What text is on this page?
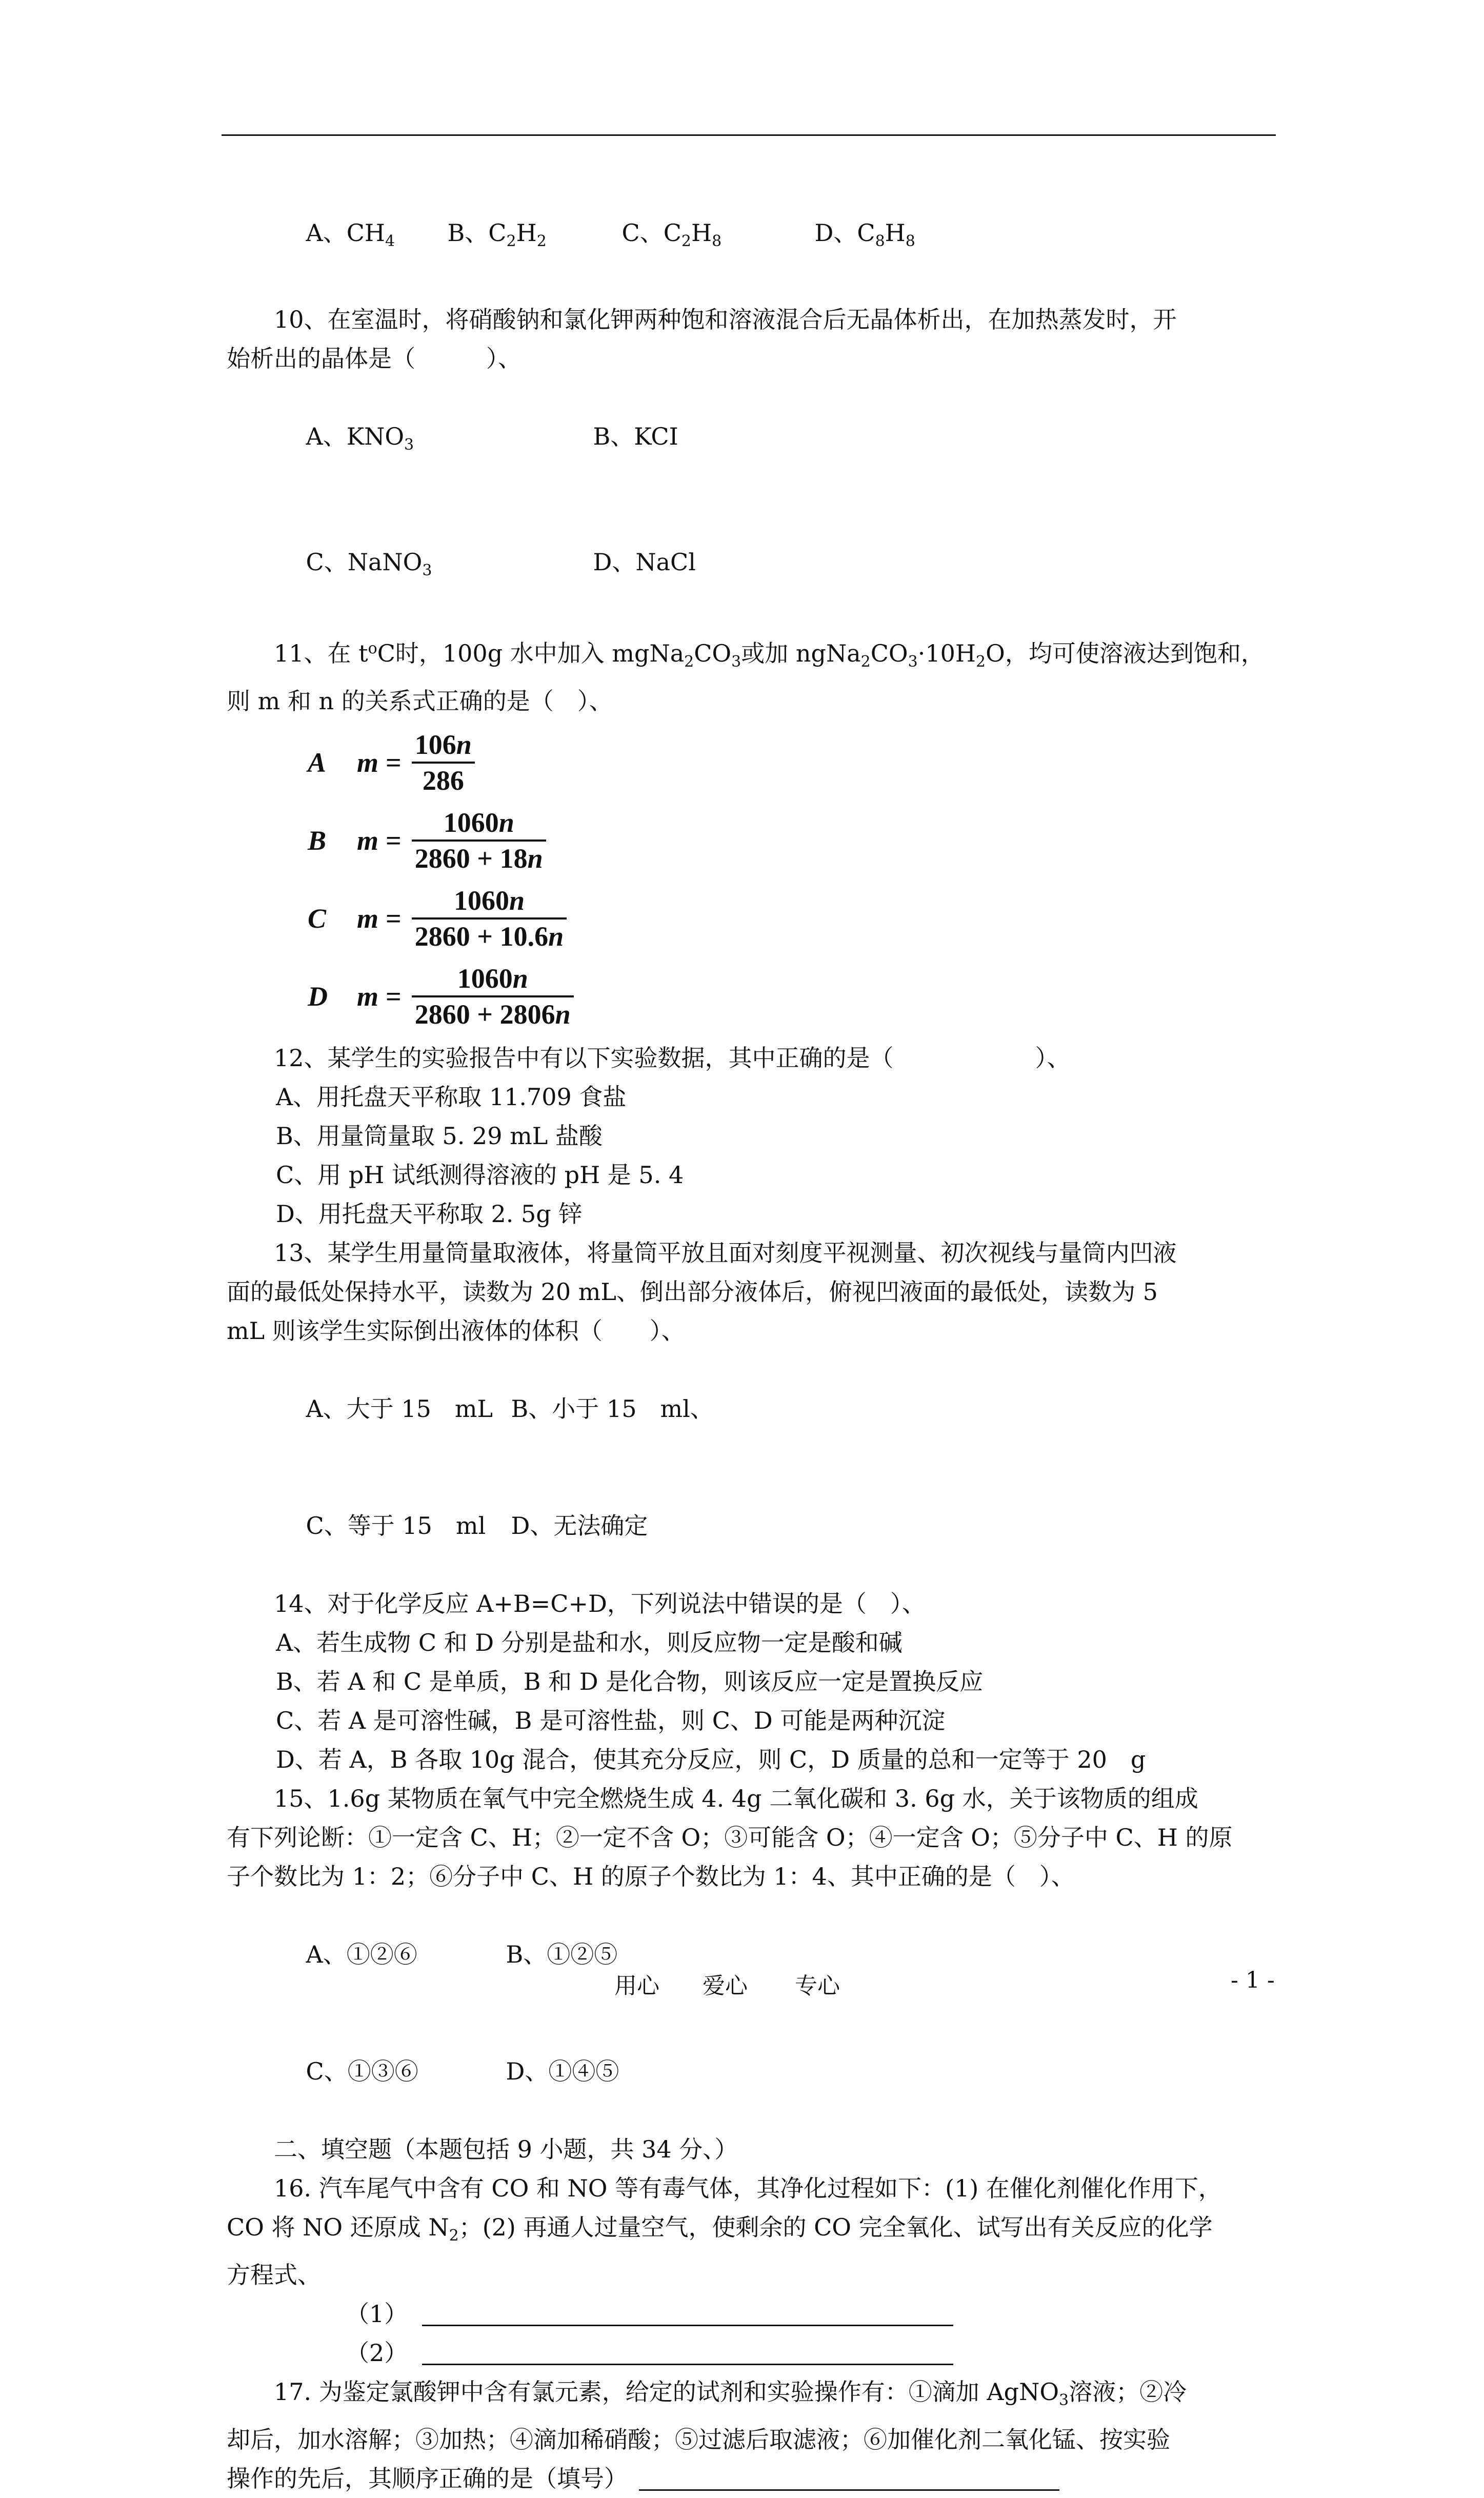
A、CH4 B、C2H2	C、C2H8	D、C8H8

10、在室温时，将硝酸钠和氯化钾两种饱和溶液混合后无晶体析出，在加热蒸发时，开
始析出的晶体是（　　　）、

A、KNO3	B、KCI

C、NaNO3	D、NaCl

11、在 $t^oC$时，100g 水中加入 $mgNa_2CO_3$或加 $ngNa_2CO_3\cdot 10H_2O$，均可使溶液达到饱和，
则 m 和 n 的关系式正确的是（　）、
A	$m = \frac{106n}{286}$
B	$m = \frac{1060n}{2860 + 18n}$
C	$m = \frac{1060n}{2860 + 10.6n}$
D	$m = \frac{1060n}{2860 + 2806n}$
12、某学生的实验报告中有以下实验数据，其中正确的是（　　　　　　）、
A、用托盘天平称取 11.709 食盐
B、用量筒量取 5. 29 mL 盐酸
C、用 pH 试纸测得溶液的 pH 是 5. 4
D、用托盘天平称取 2. 5g 锌
13、某学生用量筒量取液体，将量筒平放且面对刻度平视测量、初次视线与量筒内凹液
面的最低处保持水平，读数为 20 mL、倒出部分液体后，俯视凹液面的最低处，读数为 5
mL 则该学生实际倒出液体的体积（　　）、

A、大于 15　mL B、小于 15　ml、

C、等于 15　ml D、无法确定

14、对于化学反应 A+B=C+D，下列说法中错误的是（　）、
A、若生成物 C 和 D 分别是盐和水，则反应物一定是酸和碱
B、若 A 和 C 是单质，B 和 D 是化合物，则该反应一定是置换反应
C、若 A 是可溶性碱，B 是可溶性盐，则 C、D 可能是两种沉淀
D、若 A，B 各取 10g 混合，使其充分反应，则 C，D 质量的总和一定等于 20　g
15、1.6g 某物质在氧气中完全燃烧生成 4. 4g 二氧化碳和 3. 6g 水，关于该物质的组成
有下列论断：①一定含 C、H；②一定不含 O；③可能含 O；④一定含 O；⑤分子中 C、H 的原
子个数比为 1：2；⑥分子中 C、H 的原子个数比为 1：4、其中正确的是（　）、

A、①②⑥	B、①②⑤

C、①③⑥	D、①④⑤

二、填空题（本题包括 9 小题，共 34 分、）
16. 汽车尾气中含有 CO 和 NO 等有毒气体，其净化过程如下：(1) 在催化剂催化作用下，
CO 将 NO 还原成 $N_2$；(2) 再通人过量空气，使剩余的 CO 完全氧化、试写出有关反应的化学
方程式、
（1）
（2）
17. 为鉴定氯酸钾中含有氯元素，给定的试剂和实验操作有：①滴加 AgNO$_3$溶液；②冷
却后，加水溶解；③加热；④滴加稀硝酸；⑤过滤后取滤液；⑥加催化剂二氧化锰、按实验
操作的先后，其顺序正确的是（填号）
用心 爱心 专心	- 1 -
